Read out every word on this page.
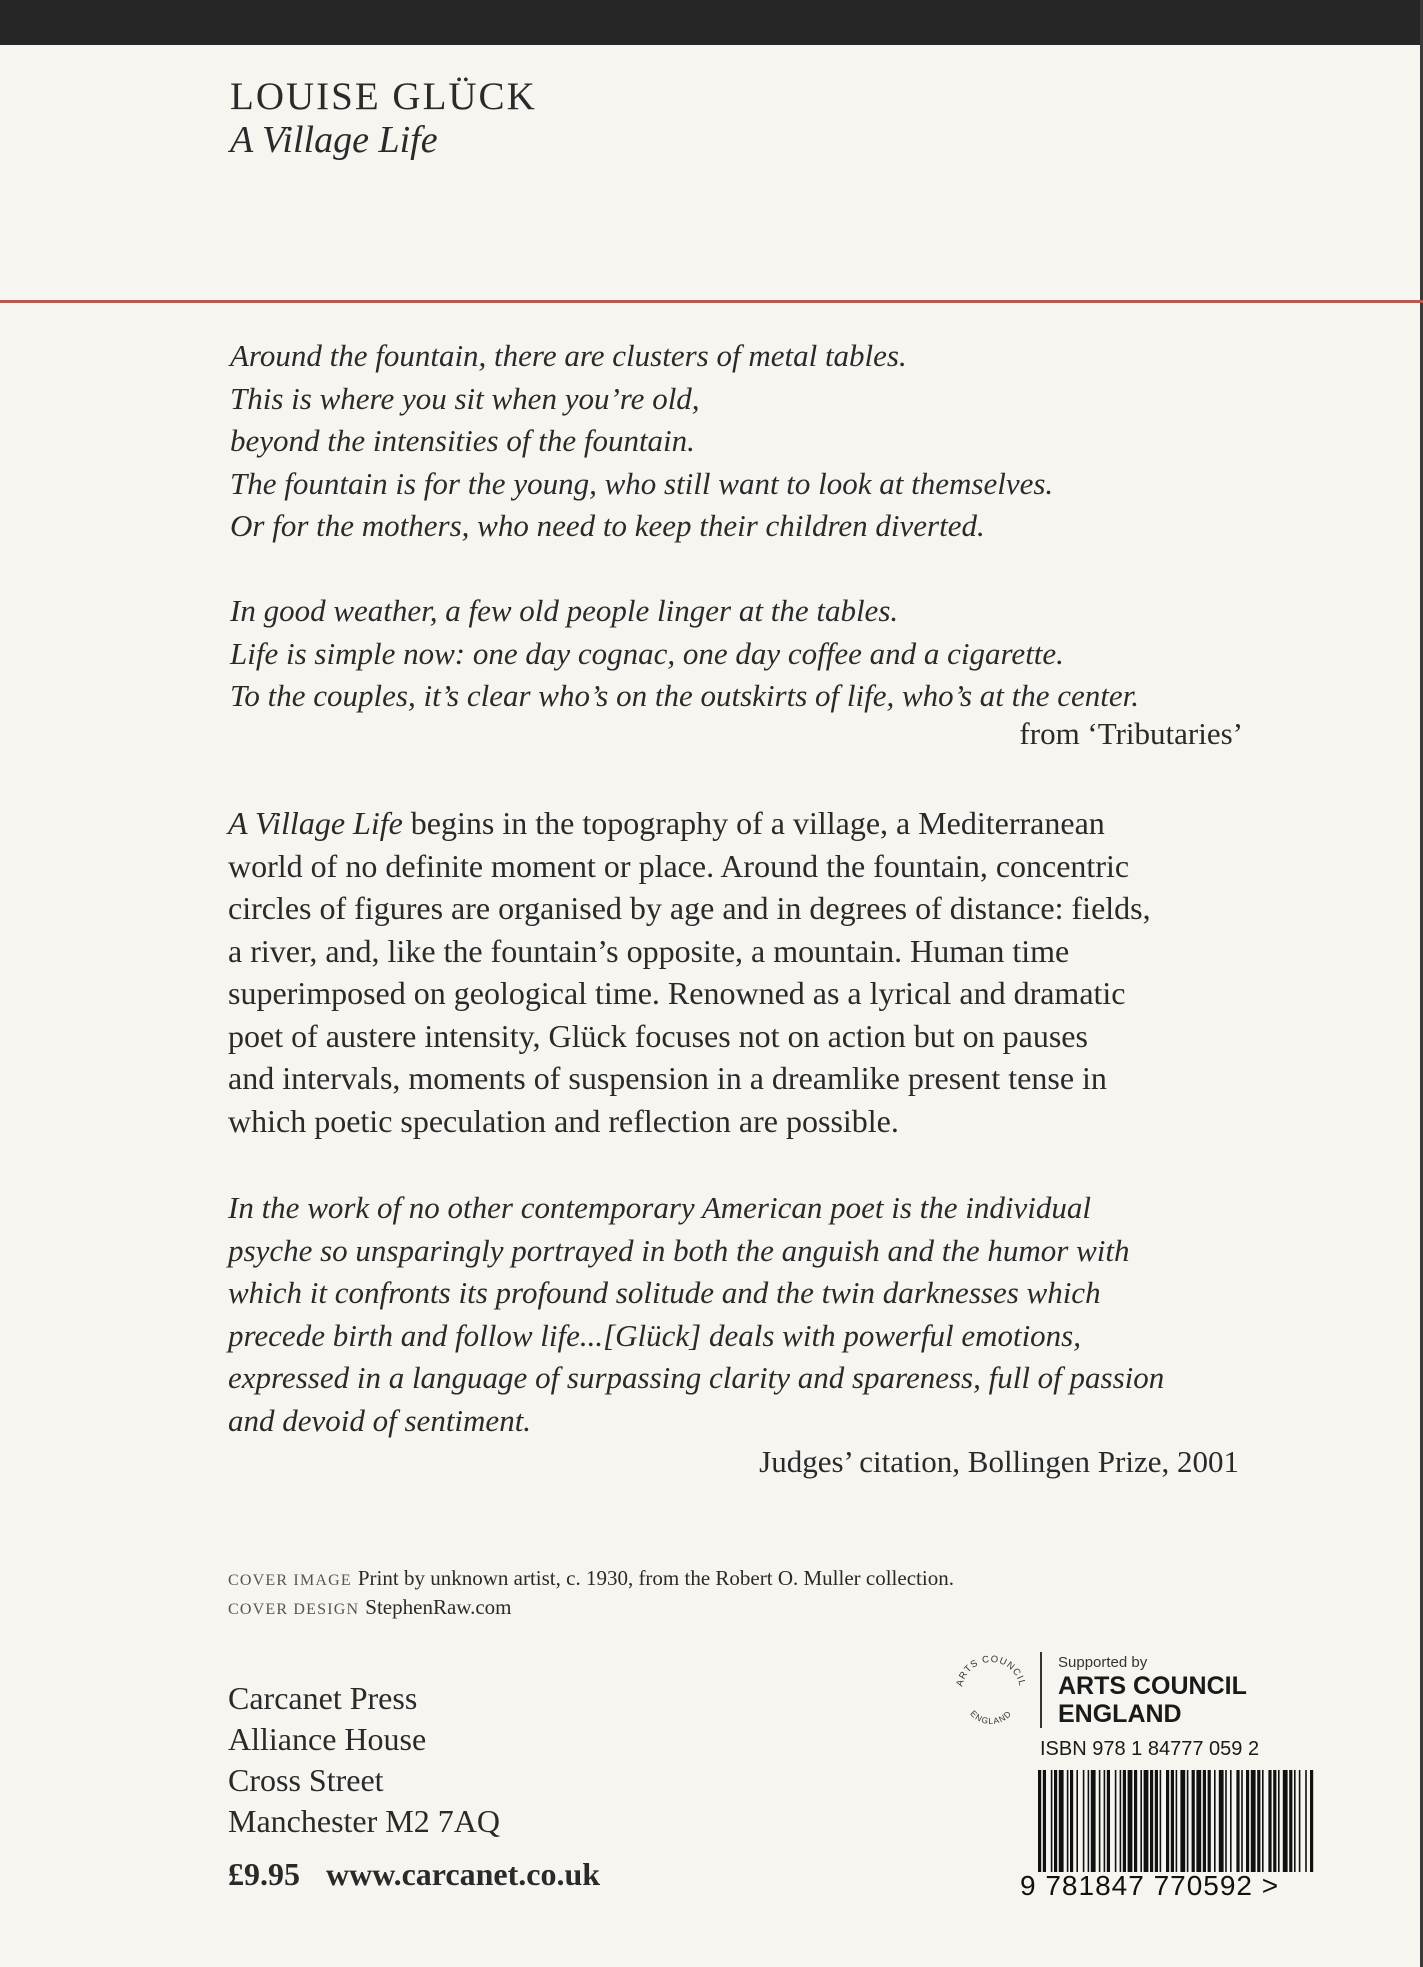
LOUISE GLÜCK
A Village Life
Around the fountain, there are clusters of metal tables.
This is where you sit when you’re old,
beyond the intensities of the fountain.
The fountain is for the young, who still want to look at themselves.
Or for the mothers, who need to keep their children diverted.
In good weather, a few old people linger at the tables.
Life is simple now: one day cognac, one day coffee and a cigarette.
To the couples, it’s clear who’s on the outskirts of life, who’s at the center.
from ‘Tributaries’
A Village Life begins in the topography of a village, a Mediterranean
world of no definite moment or place. Around the fountain, concentric
circles of figures are organised by age and in degrees of distance: fields,
a river, and, like the fountain’s opposite, a mountain. Human time
superimposed on geological time. Renowned as a lyrical and dramatic
poet of austere intensity, Glück focuses not on action but on pauses
and intervals, moments of suspension in a dreamlike present tense in
which poetic speculation and reflection are possible.
In the work of no other contemporary American poet is the individual
psyche so unsparingly portrayed in both the anguish and the humor with
which it confronts its profound solitude and the twin darknesses which
precede birth and follow life...[Glück] deals with powerful emotions,
expressed in a language of surpassing clarity and spareness, full of passion
and devoid of sentiment.
Judges’ citation, Bollingen Prize, 2001
COVER IMAGE Print by unknown artist, c. 1930, from the Robert O. Muller collection.
COVER DESIGN StephenRaw.com
Carcanet Press
Alliance House
Cross Street
Manchester M2 7AQ
£9.95 www.carcanet.co.uk
ARTS COUNCIL
ENGLAND
Supported by
ARTS COUNCIL
ENGLAND
ISBN 978 1 84777 059 2
9 781847 770592 >
